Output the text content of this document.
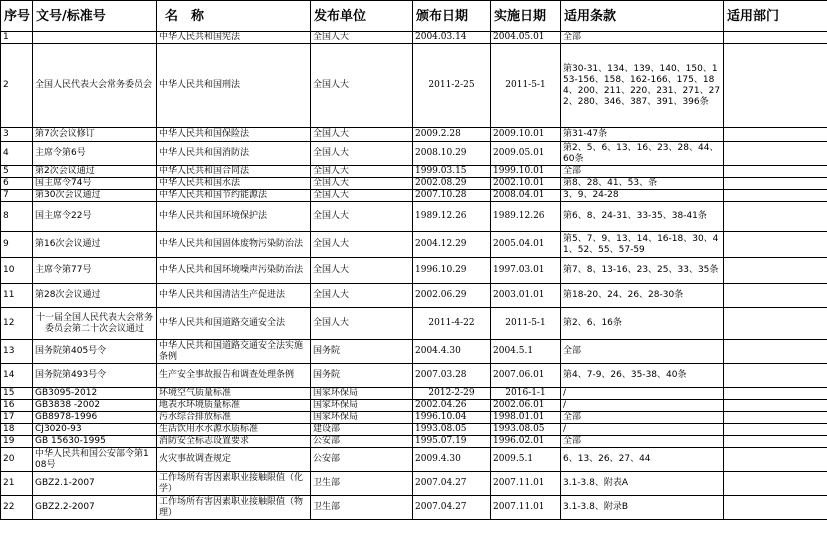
序号	文号/标准号	名　称	发布单位	颁布日期	实施日期	适用条款	适用部门
1		中华人民共和国宪法	全国人大	2004.03.14	2004.05.01	全部	
2	全国人民代表大会常务委员会	中华人民共和国刑法	全国人大	2011-2-25	2011-5-1	第30-31、134、139、140、150、153-156、158、162-166、175、184、200、211、220、231、271、272、280、346、387、391、396条	
3	第7次会议修订	中华人民共和国保险法	全国人大	2009.2.28	2009.10.01	第31-47条	
4	主席令第6号	中华人民共和国消防法	全国人大	2008.10.29	2009.05.01	第2、5、6、13、16、23、28、44、60条	
5	第2次会议通过	中华人民共和国合同法	全国人大	1999.03.15	1999.10.01	全部	
6	国主席令74号	中华人民共和国水法	全国人大	2002.08.29	2002.10.01	第8、28、41、53、条	
7	第30次会议通过	中华人民共和国节约能源法	全国人大	2007.10.28	2008.04.01	3、9、24-28	
8	国主席令22号	中华人民共和国环境保护法	全国人大	1989.12.26	1989.12.26	第6、8、24-31、33-35、38-41条	
9	第16次会议通过	中华人民共和国固体废物污染防治法	全国人大	2004.12.29	2005.04.01	第5、7、9、13、14、16-18、30、41、52、55、57-59	
10	主席令第77号	中华人民共和国环境噪声污染防治法	全国人大	1996.10.29	1997.03.01	第7、8、13-16、23、25、33、35条	
11	第28次会议通过	中华人民共和国清洁生产促进法	全国人大	2002.06.29	2003.01.01	第18-20、24、26、28-30条	
12	十一届全国人民代表大会常务委员会第二十次会议通过	中华人民共和国道路交通安全法	全国人大	2011-4-22	2011-5-1	第2、6、16条	
13	国务院第405号令	中华人民共和国道路交通安全法实施条例	国务院	2004.4.30	2004.5.1	全部	
14	国务院第493号令	生产安全事故报告和调查处理条例	国务院	2007.03.28	2007.06.01	第4、7-9、26、35-38、40条	
15	GB3095-2012	环境空气质量标准	国家环保局	2012-2-29	2016-1-1	/	
16	GB3838 -2002	地表水环境质量标准	国家环保局	2002.04.26	2002.06.01	/	
17	GB8978-1996	污水综合排放标准	国家环保局	1996.10.04	1998.01.01	全部	
18	CJ3020-93	生活饮用水水源水质标准	建设部	1993.08.05	1993.08.05	/	
19	GB 15630-1995	消防安全标志设置要求	公安部	1995.07.19	1996.02.01	全部	
20	中华人民共和国公安部令第108号	火灾事故调查规定	公安部	2009.4.30	2009.5.1	6、13、26、27、44	
21	GBZ2.1-2007	工作场所有害因素职业接触限值（化学）	卫生部	2007.04.27	2007.11.01	3.1-3.8、附表A	
22	GBZ2.2-2007	工作场所有害因素职业接触限值（物理）	卫生部	2007.04.27	2007.11.01	3.1-3.8、附录B	
